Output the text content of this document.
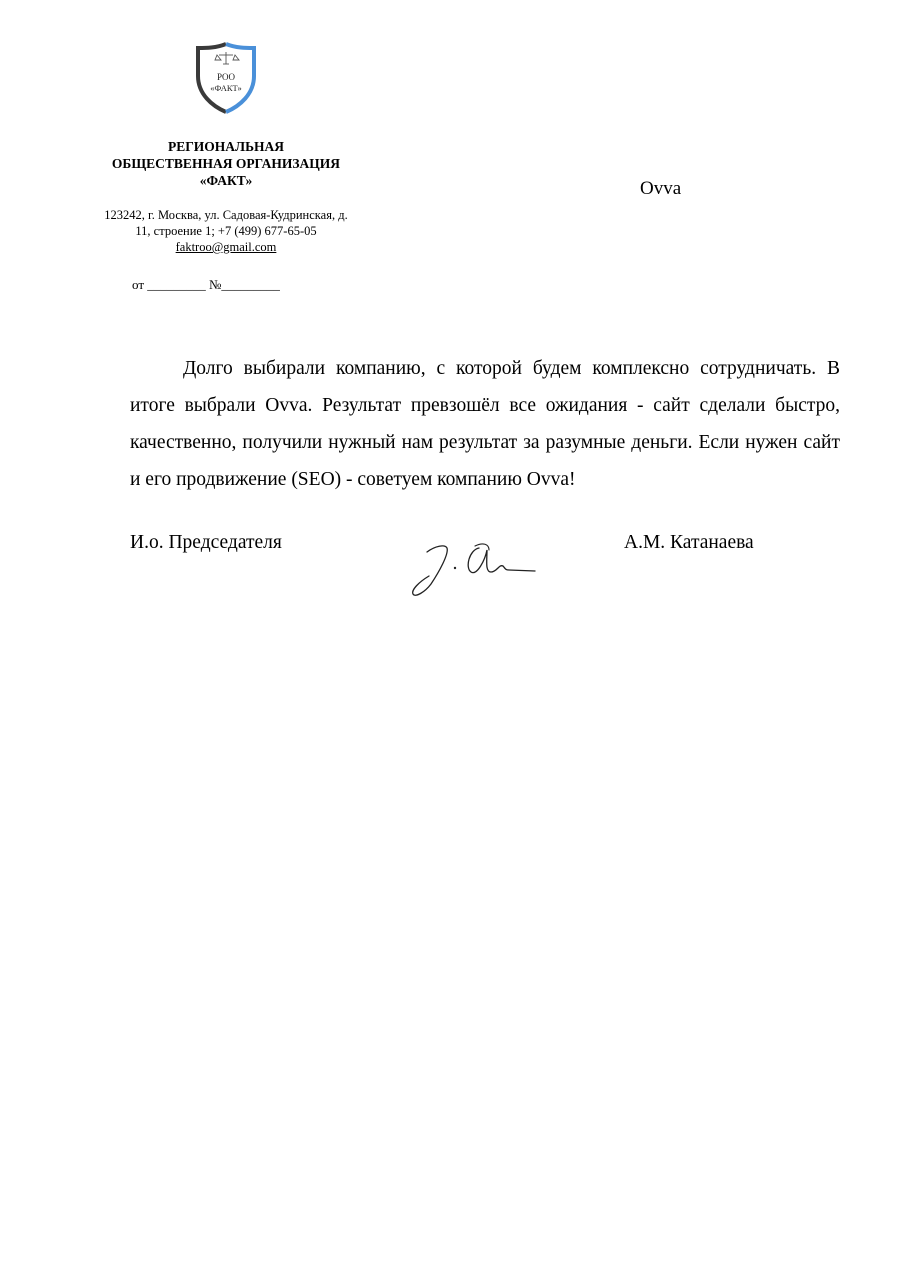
РОО
«ФАКТ»
РЕГИОНАЛЬНАЯ
ОБЩЕСТВЕННАЯ ОРГАНИЗАЦИЯ
«ФАКТ»
123242, г. Москва, ул. Садовая-Кудринская, д.
11, строение 1; +7 (499) 677-65-05
faktroo@gmail.com
от _________ №_________
Ovva

Долго выбирали компанию, с которой будем комплексно сотрудничать. В итоге выбрали Ovva. Результат превзошёл все ожидания - сайт сделали быстро, качественно, получили нужный нам результат за разумные деньги. Если нужен сайт и его продвижение (SEO) - советуем компанию Ovva!

И.о. Председателя	А.М. Катанаева
